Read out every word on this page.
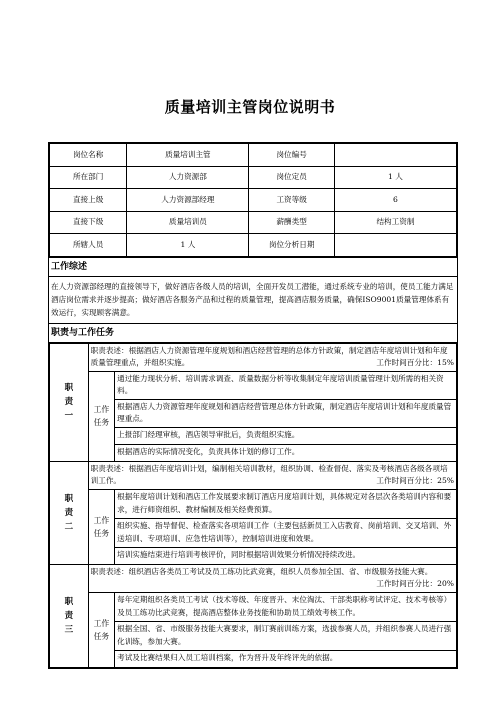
质量培训主管岗位说明书
岗位名称	质量培训主管	岗位编号	
所在部门	人力资源部	岗位定员	1 人
直接上级	人力资源部经理	工资等级	6
直接下级	质量培训员	薪酬类型	结构工资制
所辖人员	1 人	岗位分析日期	
工作综述
在人力资源部经理的直接领导下，做好酒店各级人员的培训，全面开发员工潜能，通过系统专业的培训，使员工能力满足酒店岗位需求并逐步提高；做好酒店各服务产品和过程的质量管理，提高酒店服务质量，确保ISO9001质量管理体系有效运行，实现顾客满意。
职责与工作任务
职
责
一	职责表述：根据酒店人力资源管理年度规划和酒店经营管理的总体方针政策，制定酒店年度培训计划和年度质量管理重点，并组织实施。 工作时间百分比：15%	

	工作
任务	通过能力现状分析、培训需求调查、质量数据分析等收集制定年度培训质量管理计划所需的相关资料。
		根据酒店人力资源管理年度规划和酒店经营管理总体方针政策，制定酒店年度培训计划和年度质量管理重点。
		上报部门经理审核，酒店领导审批后，负责组织实施。
		根据酒店的实际情况变化，负责具体计划的修订工作。
职
责
二	职责表述：根据酒店年度培训计划，编制相关培训教材，组织协调、检查督促、落实及考核酒店各级各项培训工作。 工作时间百分比：25%	

	工作
任务	根据年度培训计划和酒店工作发展要求制订酒店月度培训计划，具体规定对各层次各类培训内容和要求，进行师资组织、教材编制及相关经费预算。
		组织实施、指导督促、检查落实各项培训工作（主要包括新员工入店教育、岗前培训、交叉培训、外送培训、专项培训、应急性培训等），控制培训进度和效果。
		培训实施结束进行培训考核评价，同时根据培训效果分析情况持续改进。
职
责
三	职责表述：组织酒店各类员工考试及员工练功比武竞赛，组织人员参加全国、省、市级服务技能大赛。
工作时间百分比：20%	

	工作
任务	每年定期组织各类员工考试（技术等级、年度晋升、末位淘汰、干部类职称考试评定、技术考核等）及员工练功比武竞赛，提高酒店整体业务技能和协助员工绩效考核工作。
		根据全国、省、市级服务技能大赛要求，制订赛前训练方案，选拔参赛人员，并组织参赛人员进行强化训练，参加大赛。
		考试及比赛结果归入员工培训档案，作为晋升及年终评先的依据。
